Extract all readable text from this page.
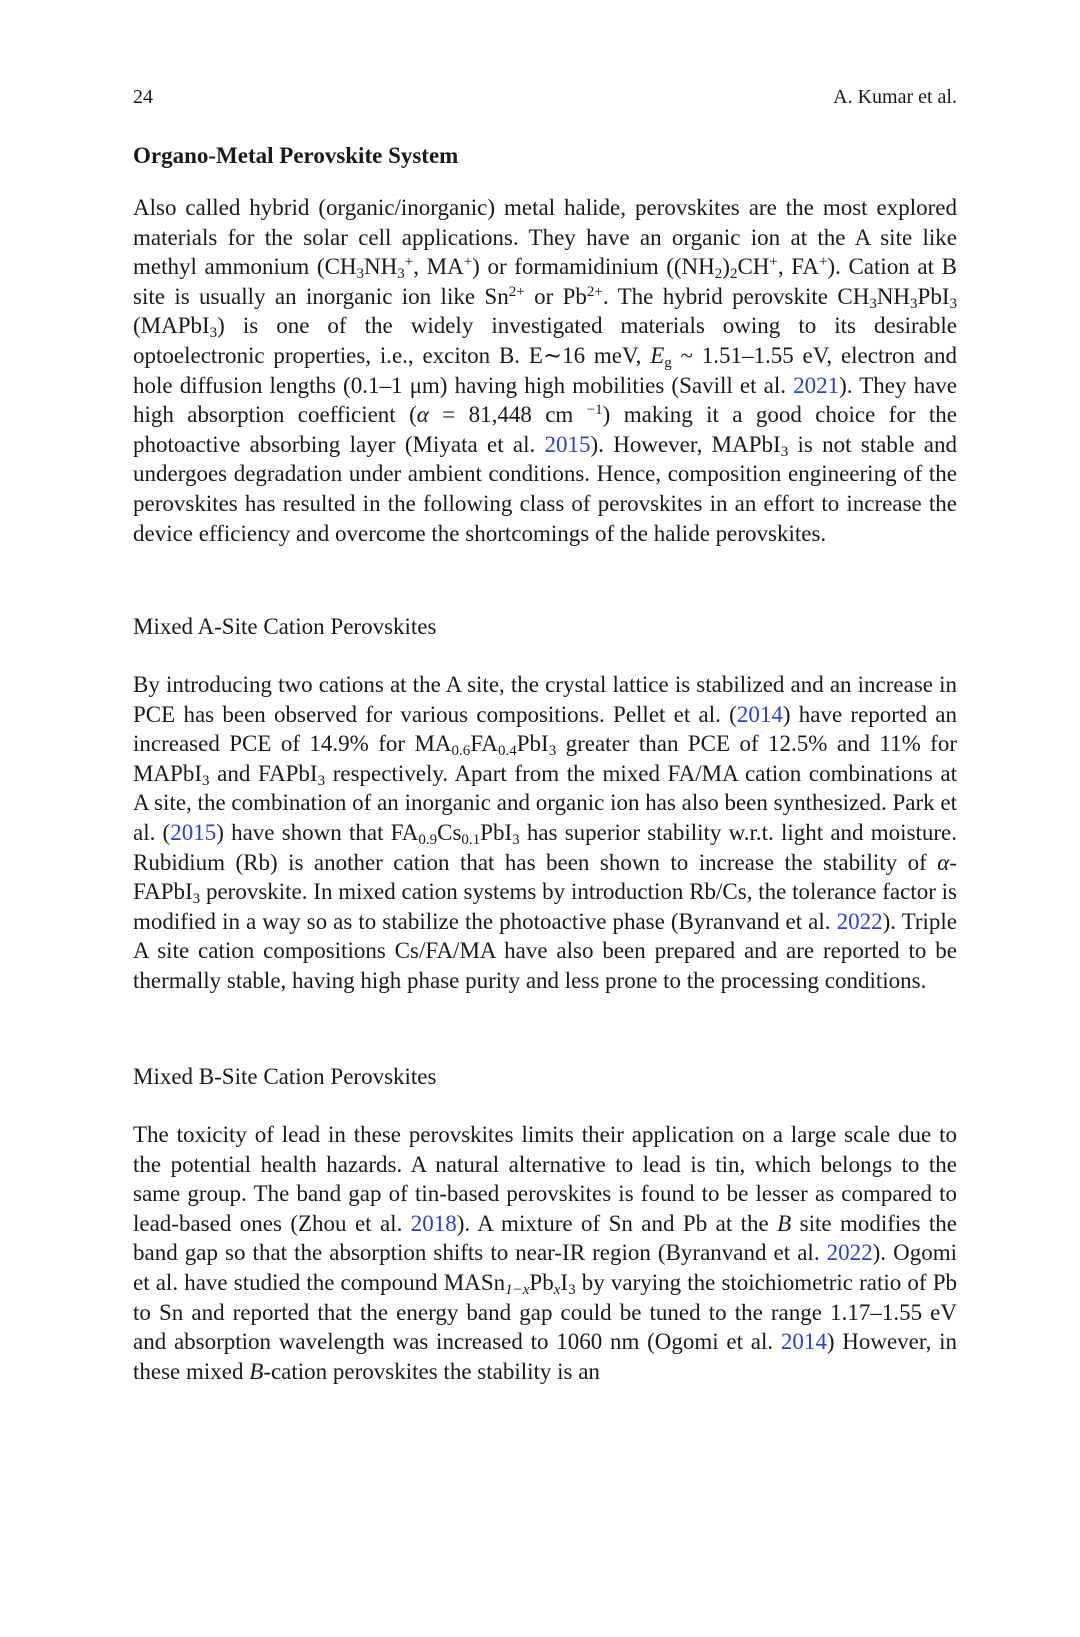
24	A. Kumar et al.
Organo-Metal Perovskite System

Also called hybrid (organic/inorganic) metal halide, perovskites are the most explored materials for the solar cell applications. They have an organic ion at the A site like methyl ammonium ($CH_3NH_3^+$, MA+) or formamidinium ($(NH_2)_2CH^+$, FA+). Cation at B site is usually an inorganic ion like $Sn^{2+}$ or $Pb^{2+}$. The hybrid perovskite $CH_3NH_3PbI_3$ (MAPbI$_3$) is one of the widely investigated materials owing to its desirable optoelectronic properties, i.e., exciton B. E∼16 meV, $E_g$ ~ 1.51–1.55 eV, electron and hole diffusion lengths (0.1–1 μm) having high mobilities (Savill et al. 2021). They have high absorption coefficient (α = 81,448 cm $^{-1}$) making it a good choice for the photoactive absorbing layer (Miyata et al. 2015). However, MAPbI$_3$ is not stable and undergoes degradation under ambient conditions. Hence, composition engineering of the perovskites has resulted in the following class of perovskites in an effort to increase the device efficiency and overcome the shortcomings of the halide perovskites.

Mixed A-Site Cation Perovskites

By introducing two cations at the A site, the crystal lattice is stabilized and an increase in PCE has been observed for various compositions. Pellet et al. (2014) have reported an increased PCE of 14.9% for $MA_{0.6}FA_{0.4}PbI_3$ greater than PCE of 12.5% and 11% for MAPbI$_3$ and FAPbI$_3$ respectively. Apart from the mixed FA/MA cation combinations at A site, the combination of an inorganic and organic ion has also been synthesized. Park et al. (2015) have shown that $FA_{0.9}Cs_{0.1}PbI_3$ has superior stability w.r.t. light and moisture. Rubidium (Rb) is another cation that has been shown to increase the stability of α-FAPbI$_3$ perovskite. In mixed cation systems by introduction Rb/Cs, the tolerance factor is modified in a way so as to stabilize the photoactive phase (Byranvand et al. 2022). Triple A site cation compositions Cs/FA/MA have also been prepared and are reported to be thermally stable, having high phase purity and less prone to the processing conditions.

Mixed B-Site Cation Perovskites

The toxicity of lead in these perovskites limits their application on a large scale due to the potential health hazards. A natural alternative to lead is tin, which belongs to the same group. The band gap of tin-based perovskites is found to be lesser as compared to lead-based ones (Zhou et al. 2018). A mixture of Sn and Pb at the B site modifies the band gap so that the absorption shifts to near-IR region (Byranvand et al. 2022). Ogomi et al. have studied the compound $MASn_{1-x}Pb_xI_3$ by varying the stoichiometric ratio of Pb to Sn and reported that the energy band gap could be tuned to the range 1.17–1.55 eV and absorption wavelength was increased to 1060 nm (Ogomi et al. 2014) However, in these mixed B-cation perovskites the stability is an
